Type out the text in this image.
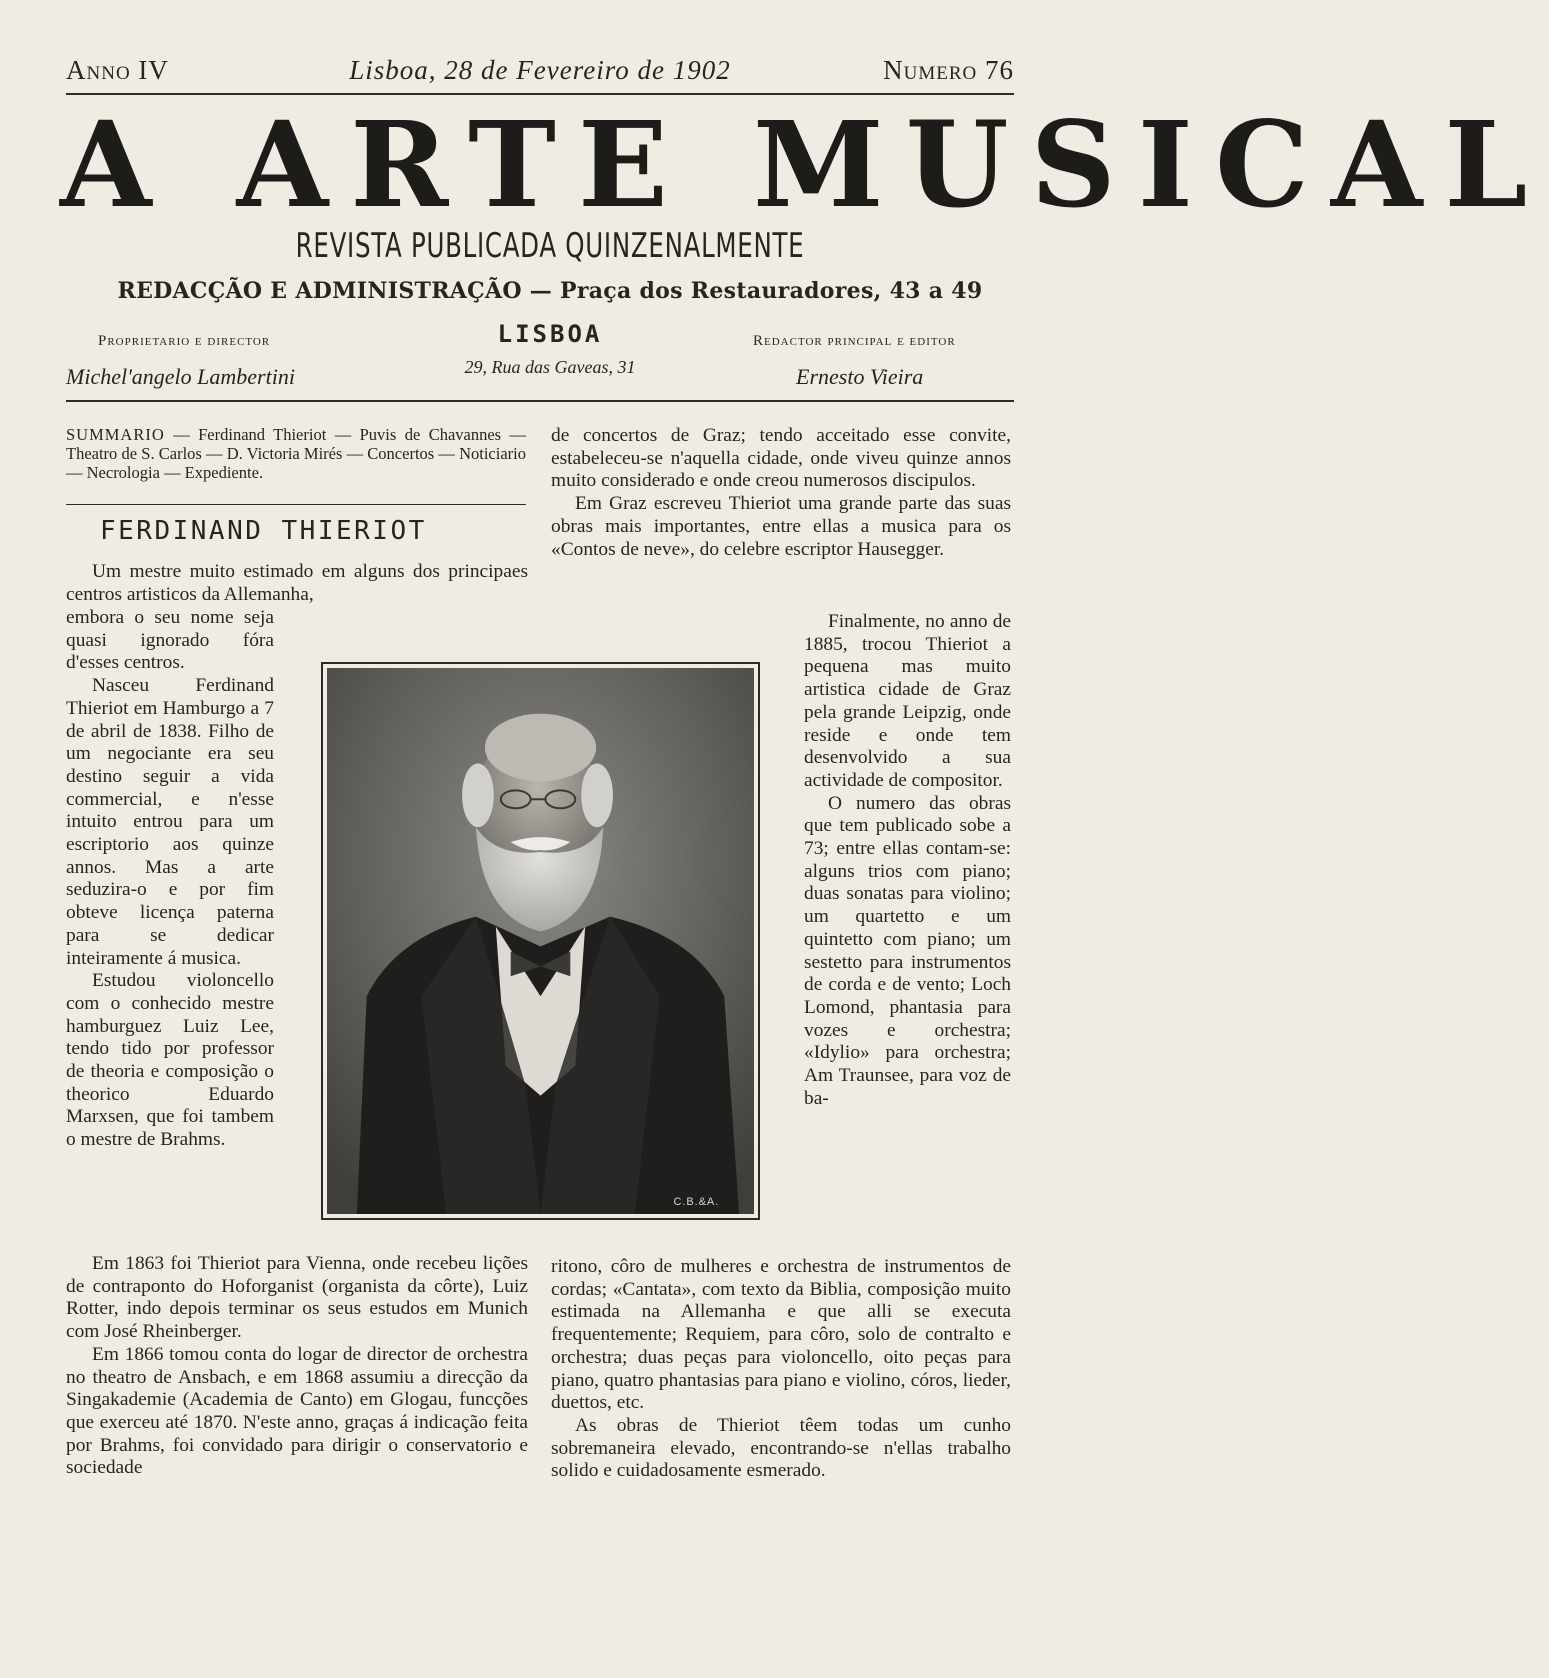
Anno IV	Lisboa, 28 de Fevereiro de 1902	Numero 76
A ARTE MUSICAL
REVISTA PUBLICADA QUINZENALMENTE
REDACÇÃO E ADMINISTRAÇÃO — Praça dos Restauradores, 43 a 49
Proprietario e director	LISBOA	Redactor principal e editor
Michel'angelo Lambertini	29, Rua das Gaveas, 31	Ernesto Vieira
SUMMARIO — Ferdinand Thieriot — Puvis de Chavannes — Theatro de S. Carlos — D. Victoria Mirés — Concertos — Noticiario — Necrologia — Expediente.
FERDINAND THIERIOT

Um mestre muito estimado em alguns dos principaes centros artisticos da Allemanha,

embora o seu nome seja quasi ignorado fóra d'esses centros.

Nasceu Ferdinand Thieriot em Hamburgo a 7 de abril de 1838. Filho de um negociante era seu destino seguir a vida commercial, e n'esse intuito entrou para um escriptorio aos quinze annos. Mas a arte seduzira-o e por fim obteve licença paterna para se dedicar inteiramente á musica.

Estudou violoncello com o conhecido mestre hamburguez Luiz Lee, tendo tido por professor de theoria e composição o theorico Eduardo Marxsen, que foi tambem o mestre de Brahms.

Em 1863 foi Thieriot para Vienna, onde recebeu lições de contraponto do Hoforganist (organista da côrte), Luiz Rotter, indo depois terminar os seus estudos em Munich com José Rheinberger.

Em 1866 tomou conta do logar de director de orchestra no theatro de Ansbach, e em 1868 assumiu a direcção da Singakademie (Academia de Canto) em Glogau, funcções que exerceu até 1870. N'este anno, graças á indicação feita por Brahms, foi convidado para dirigir o conservatorio e sociedade

de concertos de Graz; tendo acceitado esse convite, estabeleceu-se n'aquella cidade, onde viveu quinze annos muito considerado e onde creou numerosos discipulos.

Em Graz escreveu Thieriot uma grande parte das suas obras mais importantes, entre ellas a musica para os «Contos de neve», do celebre escriptor Hausegger.

Finalmente, no anno de 1885, trocou Thieriot a pequena mas muito artistica cidade de Graz pela grande Leipzig, onde reside e onde tem desenvolvido a sua actividade de compositor.

O numero das obras que tem publicado sobe a 73; entre ellas contam-se: alguns trios com piano; duas sonatas para violino; um quartetto e um quintetto com piano; um sestetto para instrumentos de corda e de vento; Loch Lomond, phantasia para vozes e orchestra; «Idylio» para orchestra; Am Traunsee, para voz de ba-

ritono, côro de mulheres e orchestra de instrumentos de cordas; «Cantata», com texto da Biblia, composição muito estimada na Allemanha e que alli se executa frequentemente; Requiem, para côro, solo de contralto e orchestra; duas peças para violoncello, oito peças para piano, quatro phantasias para piano e violino, córos, lieder, duettos, etc.

As obras de Thieriot têem todas um cunho sobremaneira elevado, encontrando-se n'ellas trabalho solido e cuidadosamente esmerado.

C.B.&A.
